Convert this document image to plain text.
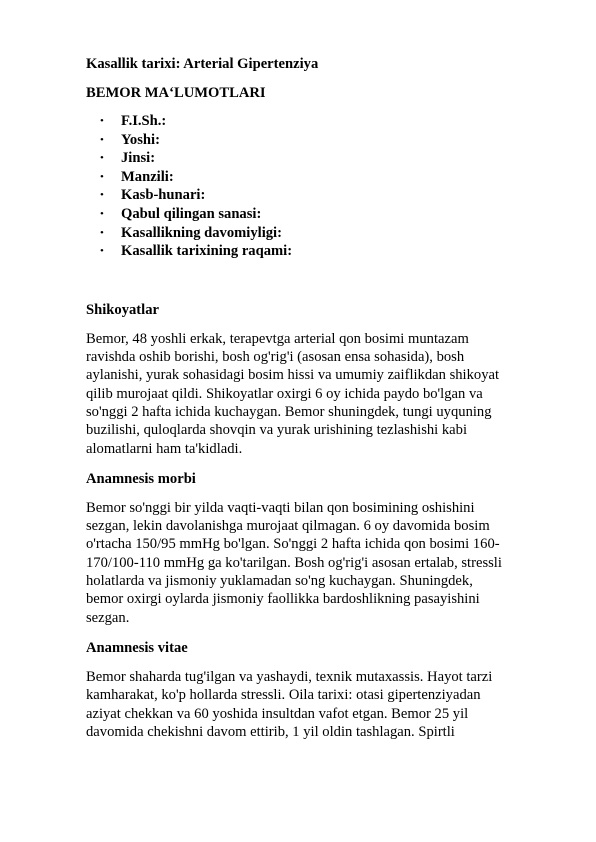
Kasallik tarixi: Arterial Gipertenziya

BEMOR MA‘LUMOTLARI

• F.I.Sh.:
• Yoshi:
• Jinsi:
• Manzili:
• Kasb-hunari:
• Qabul qilingan sanasi:
• Kasallikning davomiyligi:
• Kasallik tarixining raqami:

Shikoyatlar

Bemor, 48 yoshli erkak, terapevtga arterial qon bosimi muntazam
ravishda oshib borishi, bosh og'rig'i (asosan ensa sohasida), bosh
aylanishi, yurak sohasidagi bosim hissi va umumiy zaiflikdan shikoyat
qilib murojaat qildi. Shikoyatlar oxirgi 6 oy ichida paydo bo'lgan va
so'nggi 2 hafta ichida kuchaygan. Bemor shuningdek, tungi uyquning
buzilishi, quloqlarda shovqin va yurak urishining tezlashishi kabi
alomatlarni ham ta'kidladi.

Anamnesis morbi

Bemor so'nggi bir yilda vaqti-vaqti bilan qon bosimining oshishini
sezgan, lekin davolanishga murojaat qilmagan. 6 oy davomida bosim
o'rtacha 150/95 mmHg bo'lgan. So'nggi 2 hafta ichida qon bosimi 160-
170/100-110 mmHg ga ko'tarilgan. Bosh og'rig'i asosan ertalab, stressli
holatlarda va jismoniy yuklamadan so'ng kuchaygan. Shuningdek,
bemor oxirgi oylarda jismoniy faollikka bardoshlikning pasayishini
sezgan.

Anamnesis vitae

Bemor shaharda tug'ilgan va yashaydi, texnik mutaxassis. Hayot tarzi
kamharakat, ko'p hollarda stressli. Oila tarixi: otasi gipertenziyadan
aziyat chekkan va 60 yoshida insultdan vafot etgan. Bemor 25 yil
davomida chekishni davom ettirib, 1 yil oldin tashlagan. Spirtli
